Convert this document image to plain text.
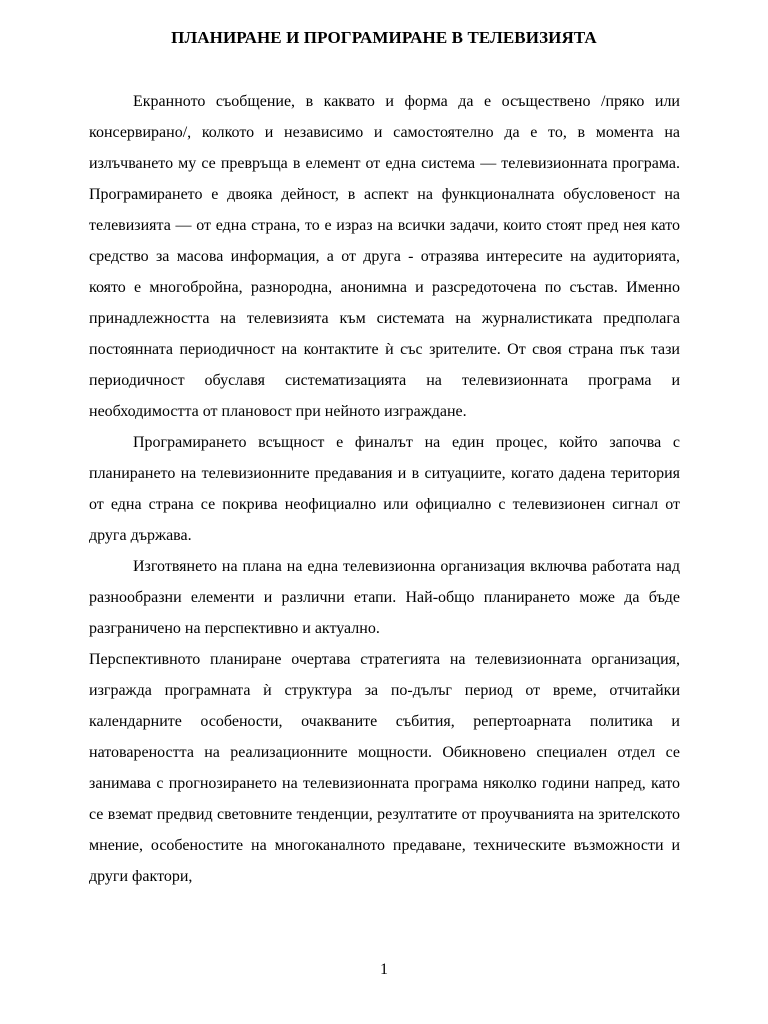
ПЛАНИРАНЕ И ПРОГРАМИРАНЕ В ТЕЛЕВИЗИЯТА

Екранното съобщение, в каквато и форма да е осъществено /пряко или консервирано/, колкото и независимо и самостоятелно да е то, в момента на излъчването му се превръща в елемент от една система — телевизионната програма. Програмирането е двояка дейност, в аспект на функционалната обусловеност на телевизията — от една страна, то е израз на всички задачи, които стоят пред нея като средство за масова информация, а от друга - отразява интересите на аудиторията, която е многобройна, разнородна, анонимна и разсредоточена по състав. Именно принадлежността на телевизията към системата на журналистиката предполага постоянната периодичност на контактите ѝ със зрителите. От своя страна пък тази периодичност обуславя систематизацията на телевизионната програма и необходимостта от плановост при нейното изграждане.

Програмирането всъщност е финалът на един процес, който започва с планирането на телевизионните предавания и в ситуациите, когато дадена територия от една страна се покрива неофициално или официално с телевизионен сигнал от друга държава.

Изготвянето на плана на една телевизионна организация включва работата над разнообразни елементи и различни етапи. Най-общо планирането може да бъде разграничено на перспективно и актуално.

Перспективното планиране очертава стратегията на телевизионната организация, изгражда програмната ѝ структура за по-дълъг период от време, отчитайки календарните особености, очакваните събития, репертоарната политика и натовареността на реализационните мощности. Обикновено специален отдел се занимава с прогнозирането на телевизионната програма няколко години напред, като се вземат предвид световните тенденции, резултатите от проучванията на зрителското мнение, особеностите на многоканалното предаване, техническите възможности и други фактори,

1
